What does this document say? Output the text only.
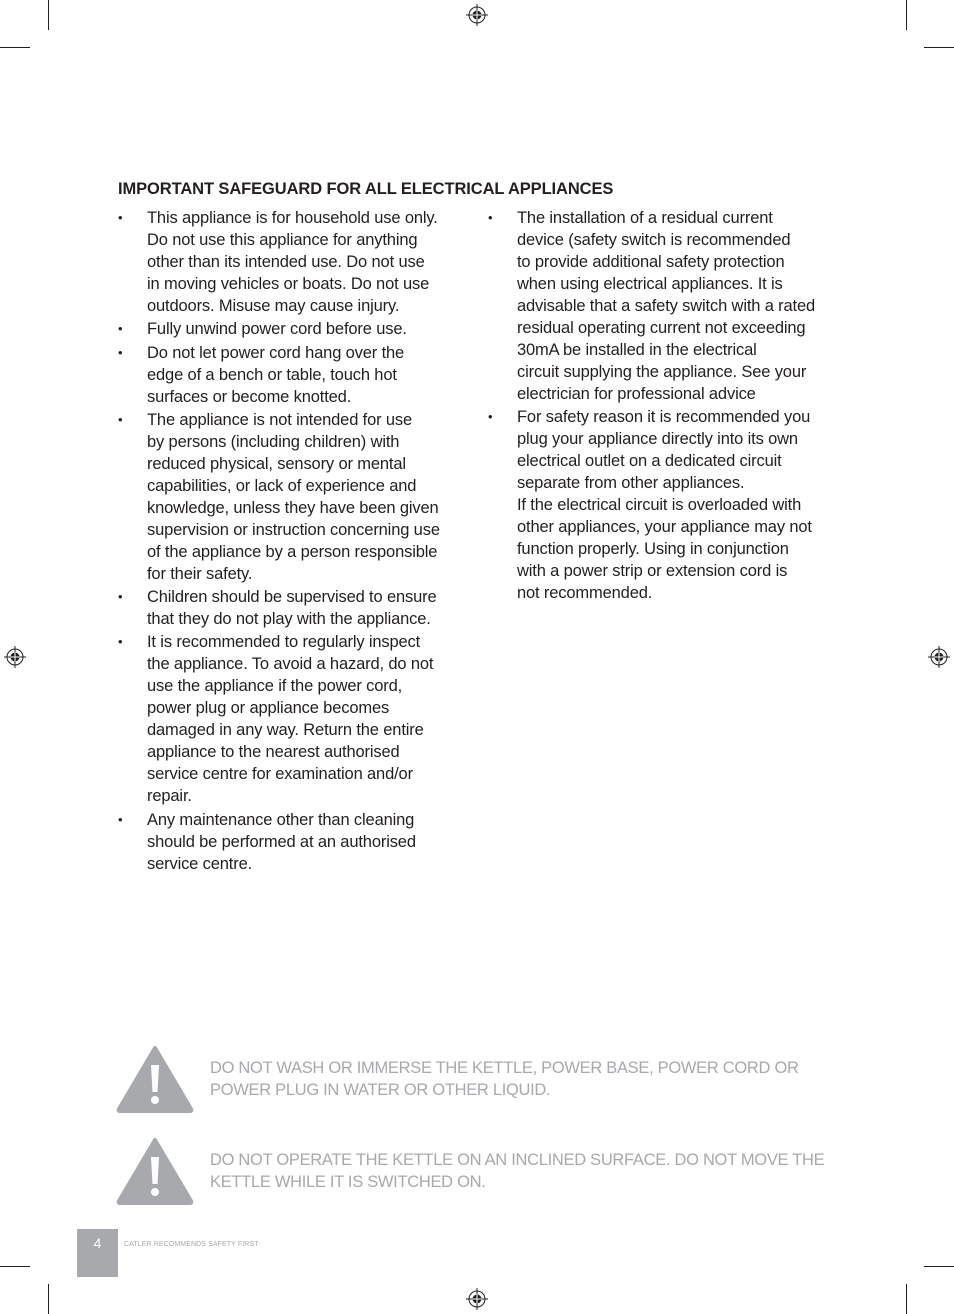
IMPORTANT SAFEGUARD FOR ALL ELECTRICAL APPLIANCES
• This appliance is for household use only.
Do not use this appliance for anything
other than its intended use. Do not use
in moving vehicles or boats. Do not use
outdoors. Misuse may cause injury.
• Fully unwind power cord before use.
• Do not let power cord hang over the
edge of a bench or table, touch hot
surfaces or become knotted.
• The appliance is not intended for use
by persons (including children) with
reduced physical, sensory or mental
capabilities, or lack of experience and
knowledge, unless they have been given
supervision or instruction concerning use
of the appliance by a person responsible
for their safety.
• Children should be supervised to ensure
that they do not play with the appliance.
• It is recommended to regularly inspect
the appliance. To avoid a hazard, do not
use the appliance if the power cord,
power plug or appliance becomes
damaged in any way. Return the entire
appliance to the nearest authorised
service centre for examination and/or
repair.
• Any maintenance other than cleaning
should be performed at an authorised
service centre.
• The installation of a residual current
device (safety switch is recommended
to provide additional safety protection
when using electrical appliances. It is
advisable that a safety switch with a rated
residual operating current not exceeding
30mA be installed in the electrical
circuit supplying the appliance. See your
electrician for professional advice
• For safety reason it is recommended you
plug your appliance directly into its own
electrical outlet on a dedicated circuit
separate from other appliances.
If the electrical circuit is overloaded with
other appliances, your appliance may not
function properly. Using in conjunction
with a power strip or extension cord is
not recommended.
DO NOT WASH OR IMMERSE THE KETTLE, POWER BASE, POWER CORD OR POWER PLUG IN WATER OR OTHER LIQUID.
DO NOT OPERATE THE KETTLE ON AN INCLINED SURFACE. DO NOT MOVE THE KETTLE WHILE IT IS SWITCHED ON.
4	CATLER RECOMMENDS SAFETY FIRST
